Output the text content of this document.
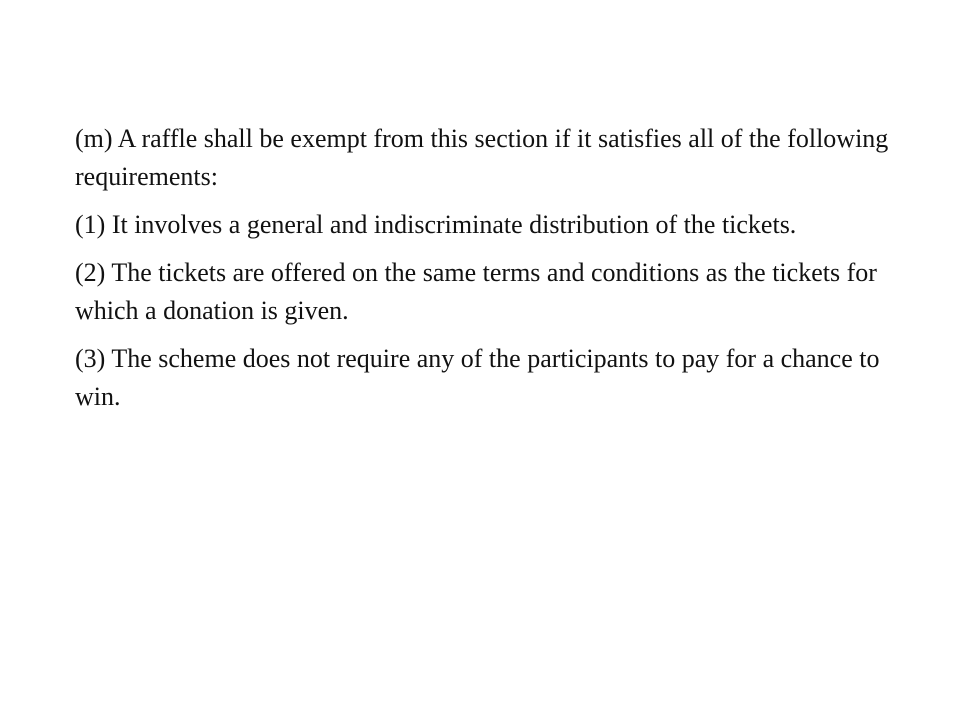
(m) A raffle shall be exempt from this section if it satisfies all of the following requirements:

(1) It involves a general and indiscriminate distribution of the tickets.

(2) The tickets are offered on the same terms and conditions as the tickets for which a donation is given.

(3) The scheme does not require any of the participants to pay for a chance to win.
